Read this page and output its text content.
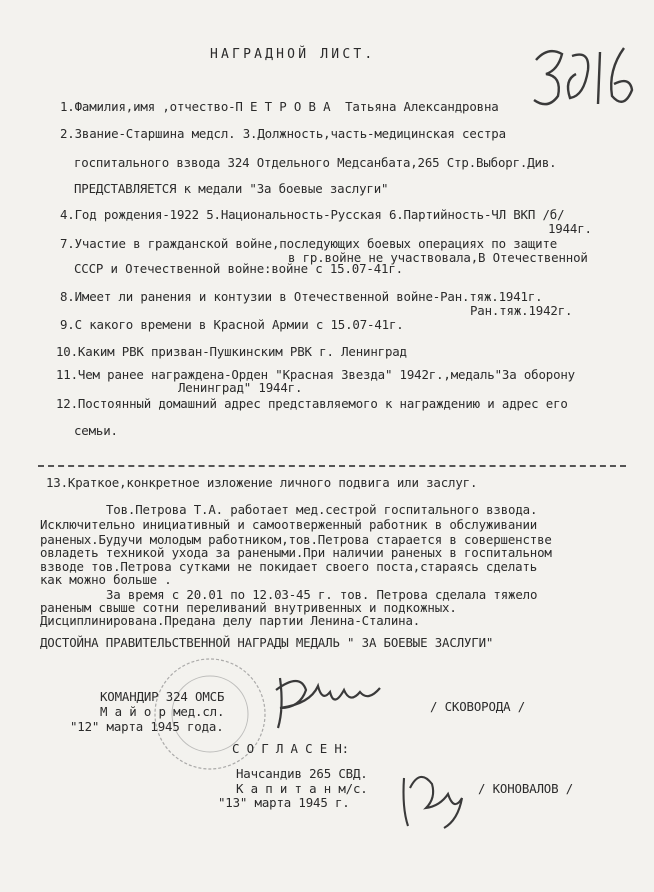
НАГРАДНОЙ ЛИСТ.
1.Фамилия,имя ,отчество-П Е Т Р О В А  Татьяна Александровна
2.Звание-Старшина медсл. 3.Должность,часть-медицинская сестра
госпитального взвода 324 Отдельного Медсанбата,265 Стр.Выборг.Див.
ПРЕДСТАВЛЯЕТСЯ к медали "За боевые заслуги"
4.Год рождения-1922 5.Национальность-Русская 6.Партийность-ЧЛ ВКП /б/
1944г.
7.Участие в гражданской войне,последующих боевых операциях по защите
в гр.войне не участвовала,В Отечественной
СССР и Отечественной войне:войне с 15.07-41г.
8.Имеет ли ранения и контузии в Отечественной войне-Ран.тяж.1941г.
Ран.тяж.1942г.
9.С какого времени в Красной Армии с 15.07-41г.
10.Каким РВК призван-Пушкинским РВК г. Ленинград
11.Чем ранее награждена-Орден "Красная Звезда" 1942г.,медаль"За оборону
Ленинград" 1944г.
12.Постоянный домашний адрес представляемого к награждению и адрес его
семьи.
13.Краткое,конкретное изложение личного подвига или заслуг.
Тов.Петрова Т.А. работает мед.сестрой госпитального взвода.
Исключительно инициативный и самоотверженный работник в обслуживании
раненых.Будучи молодым работником,тов.Петрова старается в совершенстве
овладеть техникой ухода за ранеными.При наличии раненых в госпитальном
взводе тов.Петрова сутками не покидает своего поста,стараясь сделать
как можно больше .
За время с 20.01 по 12.03-45 г. тов. Петрова сделала тяжело
раненым свыше сотни переливаний внутривенных и подкожных.
Дисциплинирована.Предана делу партии Ленина-Сталина.
ДОСТОЙНА ПРАВИТЕЛЬСТВЕННОЙ НАГРАДЫ МЕДАЛЬ " ЗА БОЕВЫЕ ЗАСЛУГИ"
КОМАНДИР 324 ОМСБ
М а й о р мед.сл.
"12" марта 1945 года.
/ СКОВОРОДА /
С О Г Л А С Е Н:
Начсандив 265 СВД.
К а п и т а н м/с.
"13" марта 1945 г.
/ КОНОВАЛОВ /
